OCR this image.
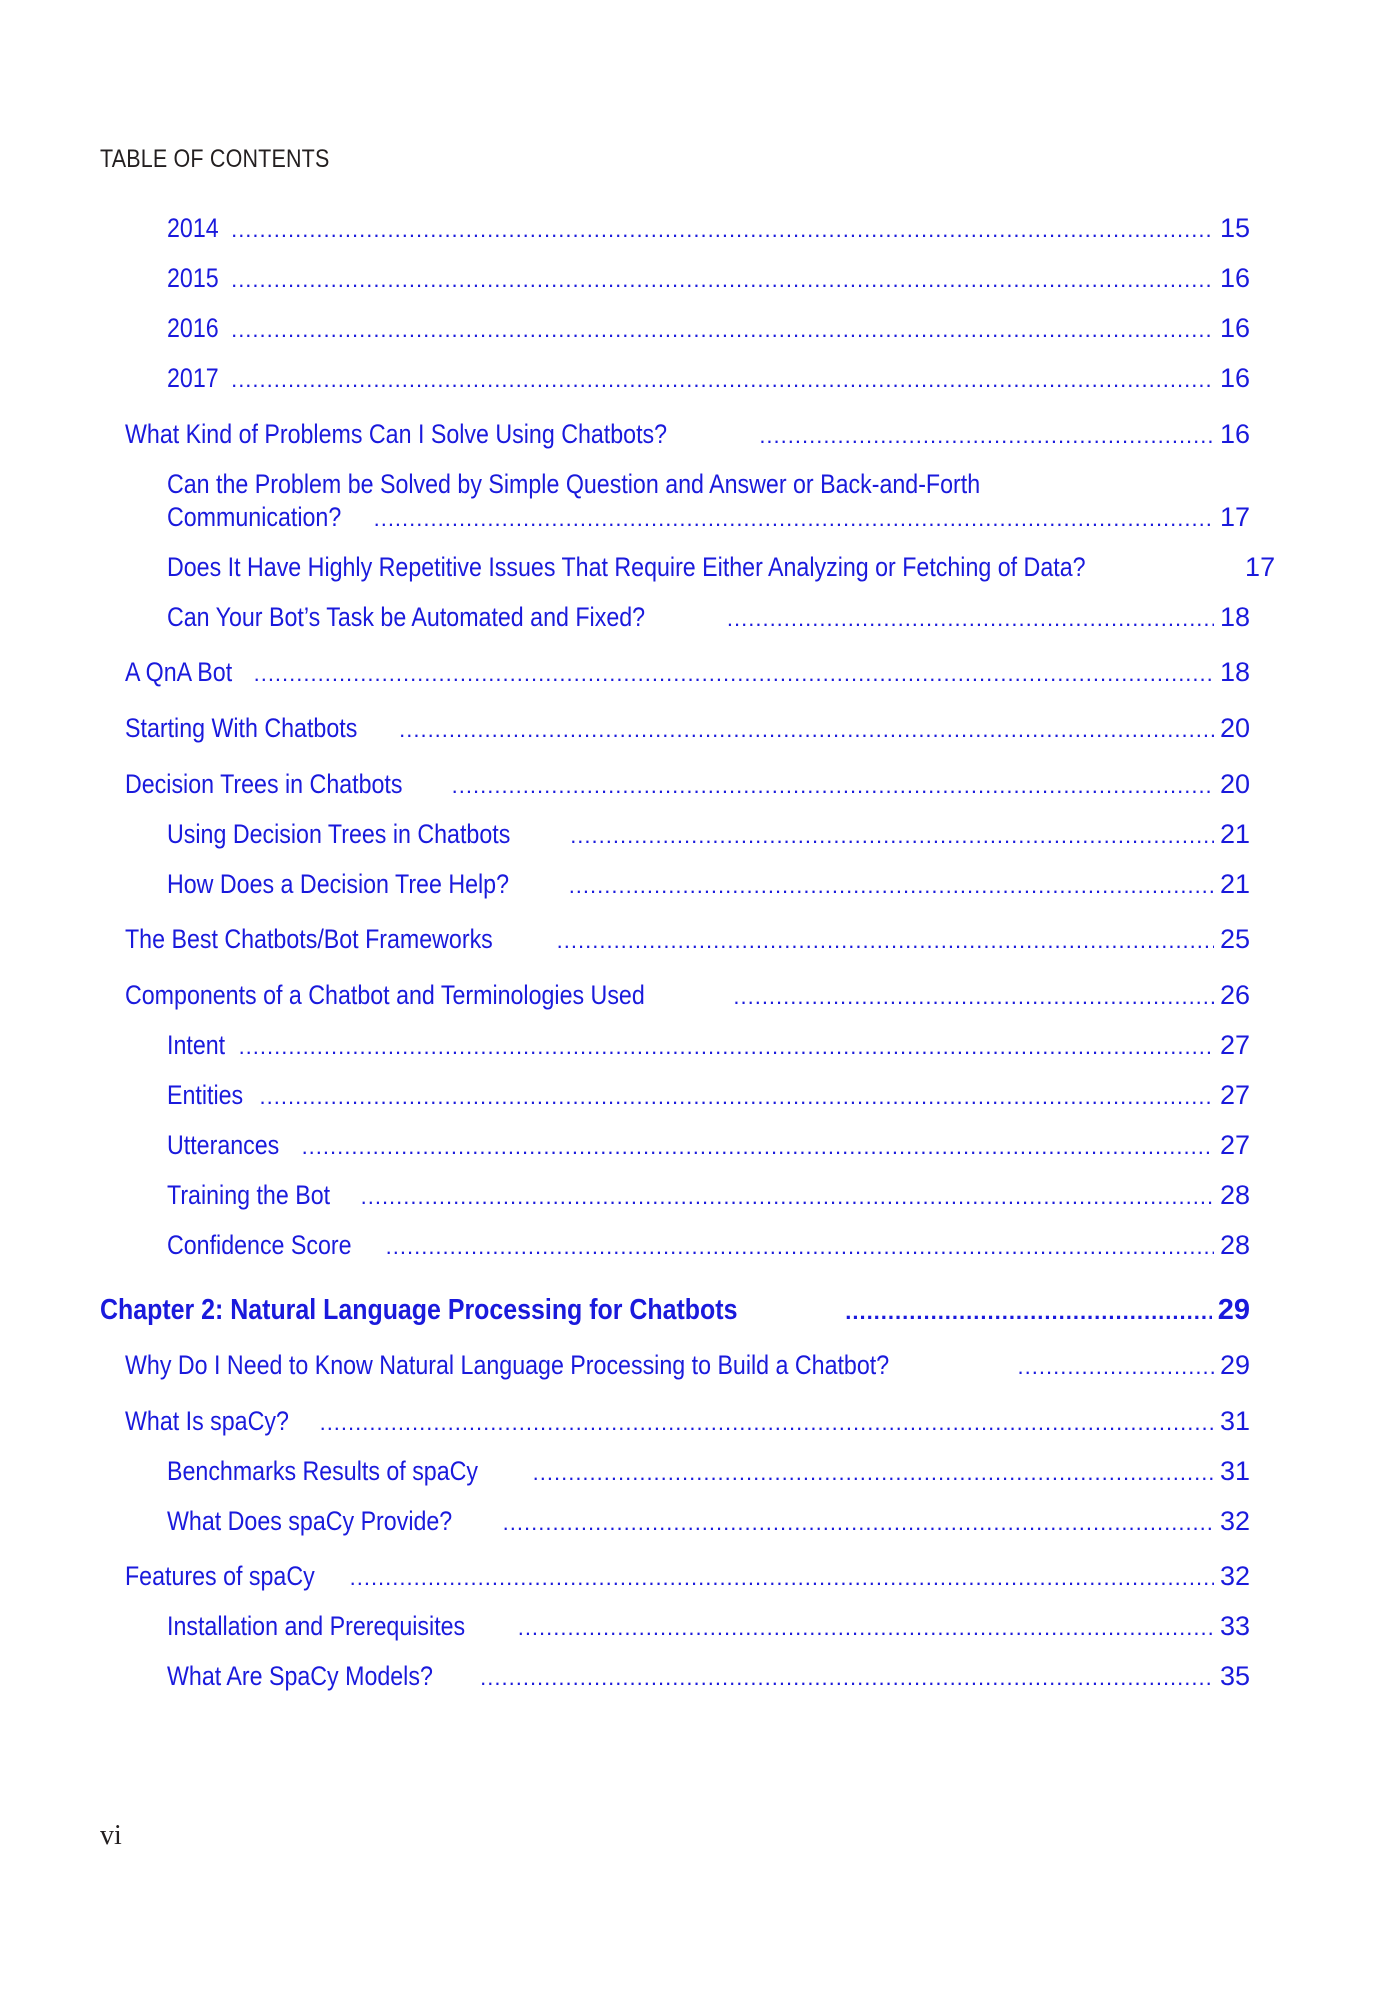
TABLE OF CONTENTS
2014 .....	15
2015 .....	16
2016 .....	16
2017 .....	16
What Kind of Problems Can I Solve Using Chatbots? .....	16
Can the Problem be Solved by Simple Question and Answer or Back-and-Forth
Communication? .....	17
Does It Have Highly Repetitive Issues That Require Either Analyzing or Fetching of Data?	17
Can Your Bot’s Task be Automated and Fixed? .....	18
A QnA Bot .....	18
Starting With Chatbots .....	20
Decision Trees in Chatbots .....	20
Using Decision Trees in Chatbots .....	21
How Does a Decision Tree Help? .....	21
The Best Chatbots/Bot Frameworks .....	25
Components of a Chatbot and Terminologies Used .....	26
Intent .....	27
Entities .....	27
Utterances .....	27
Training the Bot .....	28
Confidence Score .....	28
Chapter 2: Natural Language Processing for Chatbots .....	29
Why Do I Need to Know Natural Language Processing to Build a Chatbot? .....	29
What Is spaCy? .....	31
Benchmarks Results of spaCy .....	31
What Does spaCy Provide? .....	32
Features of spaCy .....	32
Installation and Prerequisites .....	33
What Are SpaCy Models? .....	35
vi
